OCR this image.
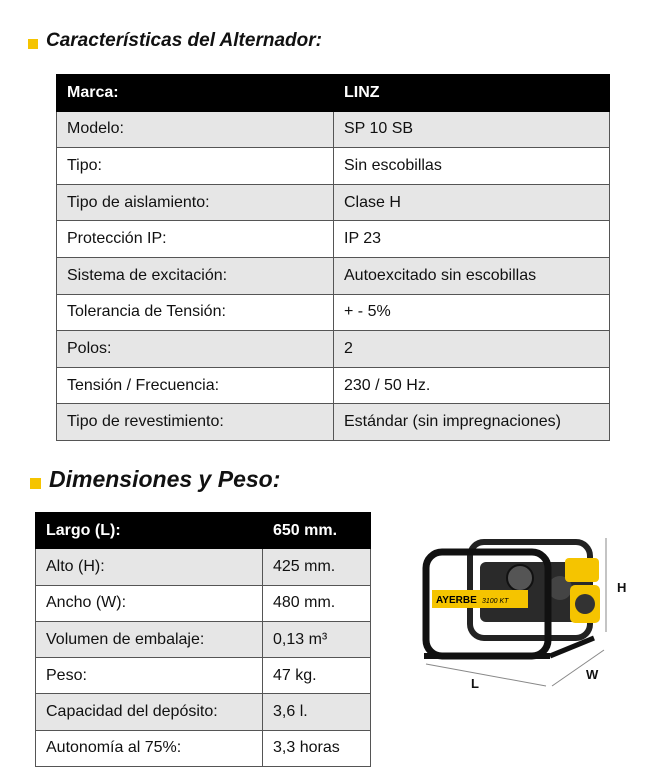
Características del Alternador:
Marca:	LINZ
Modelo:	SP 10 SB
Tipo:	Sin escobillas
Tipo de aislamiento:	Clase H
Protección IP:	IP 23
Sistema de excitación:	Autoexcitado sin escobillas
Tolerancia de Tensión:	+ - 5%
Polos:	2
Tensión / Frecuencia:	230 / 50 Hz.
Tipo de revestimiento:	Estándar (sin impregnaciones)
Dimensiones y Peso:
Largo (L):	650 mm.
Alto (H):	425 mm.
Ancho (W):	480 mm.
Volumen de embalaje:	0,13 m³
Peso:	47 kg.
Capacidad del depósito:	3,6 l.
Autonomía al 75%:	3,3 horas
AYERBE 3100 KT
H
L
W
